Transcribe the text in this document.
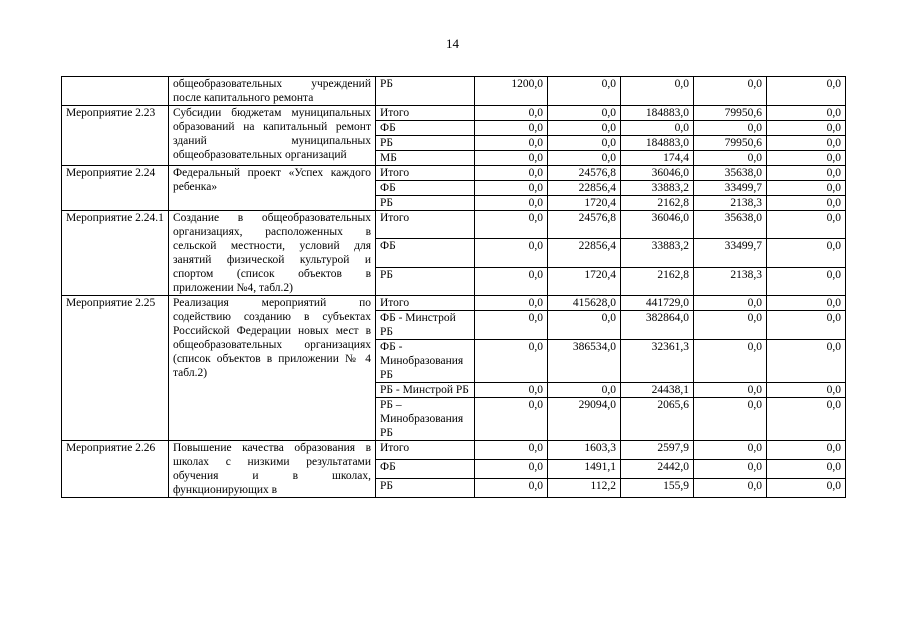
14
	общеобразовательных учреждений после капитального ремонта	РБ	1200,0	0,0	0,0	0,0	0,0
Мероприятие 2.23	Субсидии бюджетам муниципальных образований на капитальный ремонт зданий муниципальных общеобразовательных организаций	Итого	0,0	0,0	184883,0	79950,6	0,0
		ФБ	0,0	0,0	0,0	0,0	0,0
		РБ	0,0	0,0	184883,0	79950,6	0,0
		МБ	0,0	0,0	174,4	0,0	0,0
Мероприятие 2.24	Федеральный проект «Успех каждого ребенка»	Итого	0,0	24576,8	36046,0	35638,0	0,0
		ФБ	0,0	22856,4	33883,2	33499,7	0,0
		РБ	0,0	1720,4	2162,8	2138,3	0,0
Мероприятие 2.24.1	Создание в общеобразовательных организациях, расположенных в сельской местности, условий для занятий физической культурой и спортом (список объектов в приложении №4, табл.2)	Итого	0,0	24576,8	36046,0	35638,0	0,0
		ФБ	0,0	22856,4	33883,2	33499,7	0,0
		РБ	0,0	1720,4	2162,8	2138,3	0,0
Мероприятие 2.25	Реализация мероприятий по содействию созданию в субъектах Российской Федерации новых мест в общеобразовательных организациях (список объектов в приложении № 4 табл.2)	Итого	0,0	415628,0	441729,0	0,0	0,0
		ФБ - Минстрой РБ	0,0	0,0	382864,0	0,0	0,0
		ФБ - Минобразования РБ	0,0	386534,0	32361,3	0,0	0,0
		РБ - Минстрой РБ	0,0	0,0	24438,1	0,0	0,0
		РБ – Минобразования РБ	0,0	29094,0	2065,6	0,0	0,0
Мероприятие 2.26	Повышение качества образования в школах с низкими результатами обучения и в школах, функционирующих в	Итого	0,0	1603,3	2597,9	0,0	0,0
		ФБ	0,0	1491,1	2442,0	0,0	0,0
		РБ	0,0	112,2	155,9	0,0	0,0
